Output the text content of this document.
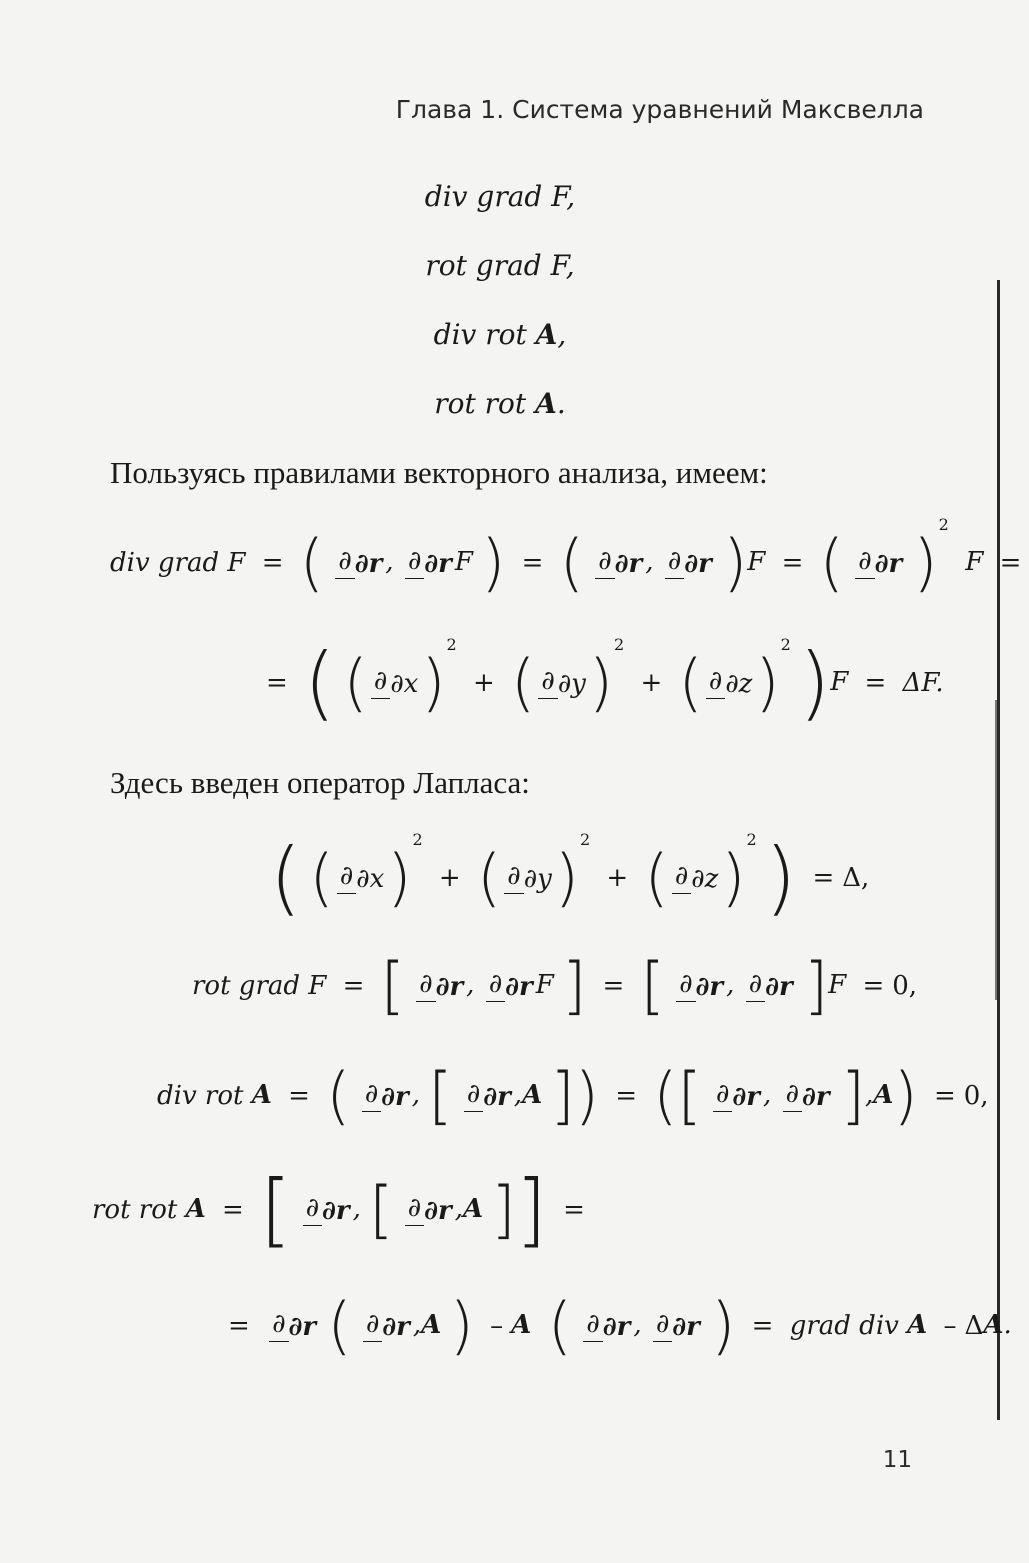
Глава 1. Система уравнений Максвелла
div grad F,
rot grad F,
div rot A,
rot rot A.
Пользуясь правилами векторного анализа, имеем:
div grad F = ( ∂ ∂r , ∂ ∂r F ) = ( ∂ ∂r , ∂ ∂r )F = ( ∂ ∂r )$^2$  F =
= ( ( ∂ ∂x)$^2$ + ( ∂ ∂y)$^2$ + ( ∂ ∂z)$^2$ )F = ΔF.
Здесь введен оператор Лапласа:
( ( ∂ ∂x)$^2$ + ( ∂ ∂y)$^2$ + ( ∂ ∂z)$^2$ ) = Δ,
rot grad F = [ ∂ ∂r , ∂ ∂r F ] = [ ∂ ∂r , ∂ ∂r ]F = 0,
div rot A = ( ∂ ∂r , [ ∂ ∂r ,A ]) = ([ ∂ ∂r , ∂ ∂r ],A) = 0,
rot rot A = [ ∂ ∂r , [ ∂ ∂r ,A ]] =
= ∂ ∂r ( ∂ ∂r ,A ) – A ( ∂ ∂r , ∂ ∂r ) = grad div A – ΔA.
11
